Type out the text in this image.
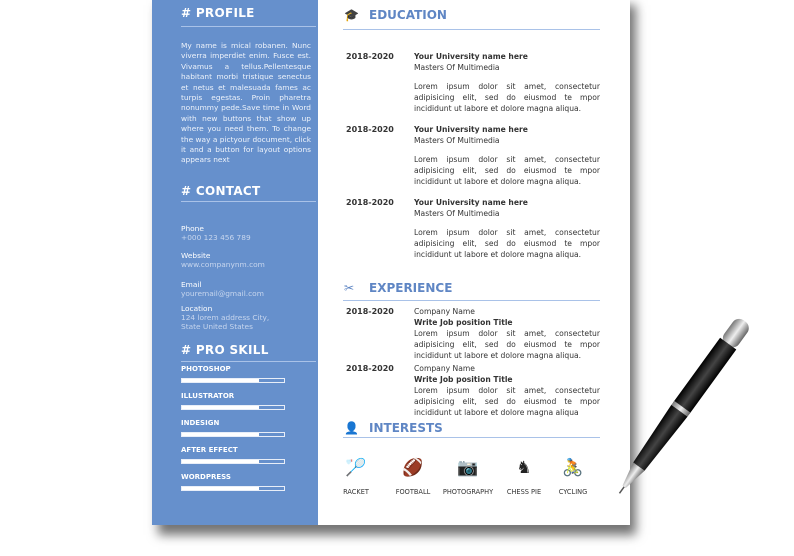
# PROFILE
My name is mical robanen. Nunc viverra imperdiet enim. Fusce est. Vivamus a tellus.Pellentesque habitant morbi tristique senectus et netus et malesuada fames ac turpis egestas. Proin pharetra nonummy pede.Save time in Word with new buttons that show up where you need them. To change the way a pictyour document, click it and a button for layout options appears next
# CONTACT
Phone
+000 123 456 789
Website
www.companynm.com
Email
youremail@gmail.com
Location
124 lorem address City, State United States
# PRO SKILL
PHOTOSHOP
ILLUSTRATOR
INDESIGN
AFTER EFFECT
WORDPRESS
🎓 EDUCATION
2018-2020	Your University name here
Masters Of Multimedia
Lorem ipsum dolor sit amet, consectetur adipisicing elit, sed do eiusmod te mpor incididunt ut labore et dolore magna aliqua.
2018-2020	Your University name here
Masters Of Multimedia
Lorem ipsum dolor sit amet, consectetur adipisicing elit, sed do eiusmod te mpor incididunt ut labore et dolore magna aliqua.
2018-2020	Your University name here
Masters Of Multimedia
Lorem ipsum dolor sit amet, consectetur adipisicing elit, sed do eiusmod te mpor incididunt ut labore et dolore magna aliqua.
✂ EXPERIENCE
2018-2020	Company Name
Write Job position Title
Lorem ipsum dolor sit amet, consectetur adipisicing elit, sed do eiusmod te mpor incididunt ut labore et dolore magna aliqua.
2018-2020	Company Name
Write Job position Title
Lorem ipsum dolor sit amet, consectetur adipisicing elit, sed do eiusmod te mpor incididunt ut labore et dolore magna aliqua
👤 INTERESTS
🏸
RACKET
🏈
FOOTBALL
📷
PHOTOGRAPHY
♞
CHESS PIE
🚴
CYCLING
